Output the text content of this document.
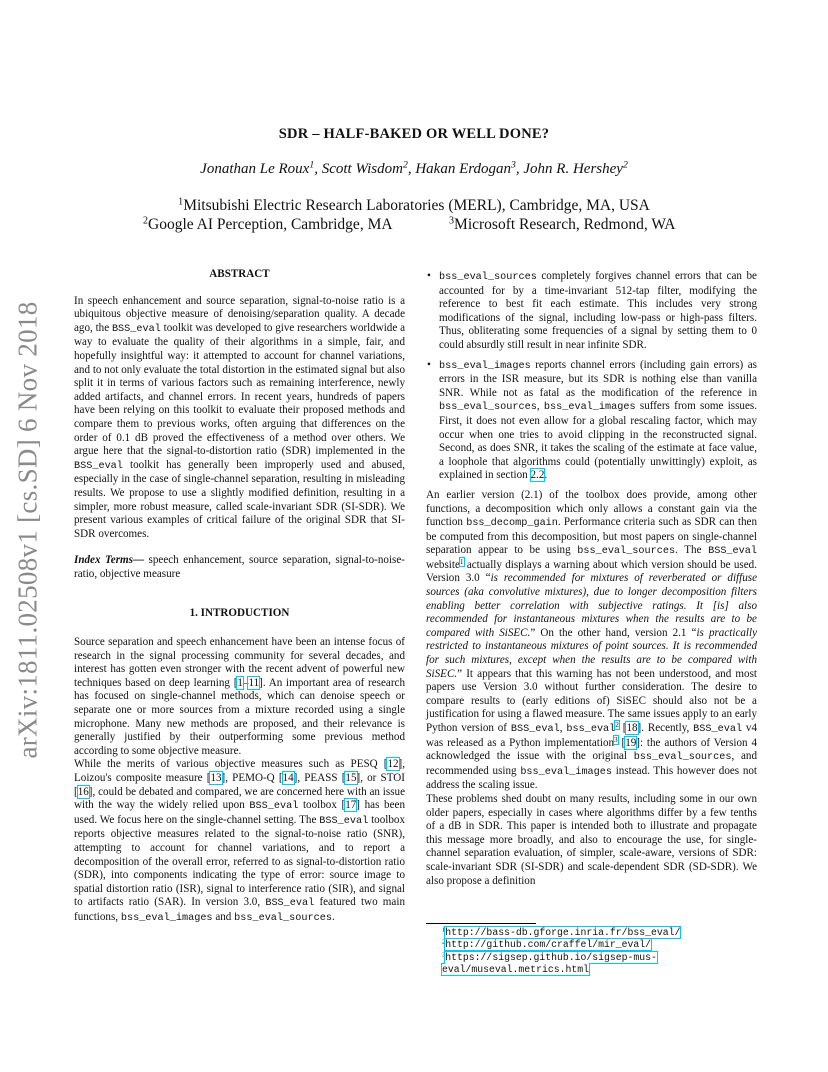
arXiv:1811.02508v1 [cs.SD] 6 Nov 2018
SDR – HALF-BAKED OR WELL DONE?
Jonathan Le Roux$^1$, Scott Wisdom$^2$, Hakan Erdogan$^3$, John R. Hershey$^2$
$^1$Mitsubishi Electric Research Laboratories (MERL), Cambridge, MA, USA
$^2$Google AI Perception, Cambridge, MA	$^3$Microsoft Research, Redmond, WA
ABSTRACT

In speech enhancement and source separation, signal-to-noise ratio is a ubiquitous objective measure of denoising/separation quality. A decade ago, the BSS_eval toolkit was developed to give researchers worldwide a way to evaluate the quality of their algorithms in a simple, fair, and hopefully insightful way: it attempted to account for channel variations, and to not only evaluate the total distortion in the estimated signal but also split it in terms of various factors such as remaining interference, newly added artifacts, and channel errors. In recent years, hundreds of papers have been relying on this toolkit to evaluate their proposed methods and compare them to previous works, often arguing that differences on the order of 0.1 dB proved the effectiveness of a method over others. We argue here that the signal-to-distortion ratio (SDR) implemented in the BSS_eval toolkit has generally been improperly used and abused, especially in the case of single-channel separation, resulting in misleading results. We propose to use a slightly modified definition, resulting in a simpler, more robust measure, called scale-invariant SDR (SI-SDR). We present various examples of critical failure of the original SDR that SI-SDR overcomes.

Index Terms— speech enhancement, source separation, signal-to-noise-ratio, objective measure

1. INTRODUCTION

Source separation and speech enhancement have been an intense focus of research in the signal processing community for several decades, and interest has gotten even stronger with the recent advent of powerful new techniques based on deep learning [1–11]. An important area of research has focused on single-channel methods, which can denoise speech or separate one or more sources from a mixture recorded using a single microphone. Many new methods are proposed, and their relevance is generally justified by their outperforming some previous method according to some objective measure.

While the merits of various objective measures such as PESQ [12], Loizou's composite measure [13], PEMO-Q [14], PEASS [15], or STOI [16], could be debated and compared, we are concerned here with an issue with the way the widely relied upon BSS_eval toolbox [17] has been used. We focus here on the single-channel setting. The BSS_eval toolbox reports objective measures related to the signal-to-noise ratio (SNR), attempting to account for channel variations, and to report a decomposition of the overall error, referred to as signal-to-distortion ratio (SDR), into components indicating the type of error: source image to spatial distortion ratio (ISR), signal to interference ratio (SIR), and signal to artifacts ratio (SAR). In version 3.0, BSS_eval featured two main functions, bss_eval_images and bss_eval_sources.

• bss_eval_sources completely forgives channel errors that can be accounted for by a time-invariant 512-tap filter, modifying the reference to best fit each estimate. This includes very strong modifications of the signal, including low-pass or high-pass filters. Thus, obliterating some frequencies of a signal by setting them to 0 could absurdly still result in near infinite SDR.

• bss_eval_images reports channel errors (including gain errors) as errors in the ISR measure, but its SDR is nothing else than vanilla SNR. While not as fatal as the modification of the reference in bss_eval_sources, bss_eval_images suffers from some issues. First, it does not even allow for a global rescaling factor, which may occur when one tries to avoid clipping in the reconstructed signal. Second, as does SNR, it takes the scaling of the estimate at face value, a loophole that algorithms could (potentially unwittingly) exploit, as explained in section 2.2.

An earlier version (2.1) of the toolbox does provide, among other functions, a decomposition which only allows a constant gain via the function bss_decomp_gain. Performance criteria such as SDR can then be computed from this decomposition, but most papers on single-channel separation appear to be using bss_eval_sources. The BSS_eval website$^1$ actually displays a warning about which version should be used. Version 3.0 “is recommended for mixtures of reverberated or diffuse sources (aka convolutive mixtures), due to longer decomposition filters enabling better correlation with subjective ratings. It [is] also recommended for instantaneous mixtures when the results are to be compared with SiSEC.” On the other hand, version 2.1 “is practically restricted to instantaneous mixtures of point sources. It is recommended for such mixtures, except when the results are to be compared with SiSEC.” It appears that this warning has not been understood, and most papers use Version 3.0 without further consideration. The desire to compare results to (early editions of) SiSEC should also not be a justification for using a flawed measure. The same issues apply to an early Python version of BSS_eval, bss_eval$^2$ [18]. Recently, BSS_eval v4 was released as a Python implementation$^3$ [19]: the authors of Version 4 acknowledged the issue with the original bss_eval_sources, and recommended using bss_eval_images instead. This however does not address the scaling issue.

These problems shed doubt on many results, including some in our own older papers, especially in cases where algorithms differ by a few tenths of a dB in SDR. This paper is intended both to illustrate and propagate this message more broadly, and also to encourage the use, for single-channel separation evaluation, of simpler, scale-aware, versions of SDR: scale-invariant SDR (SI-SDR) and scale-dependent SDR (SD-SDR). We also propose a definition

$^1$http://bass-db.gforge.inria.fr/bss_eval/
$^2$http://github.com/craffel/mir_eval/
$^3$https://sigsep.github.io/sigsep-mus-eval/museval.metrics.html
